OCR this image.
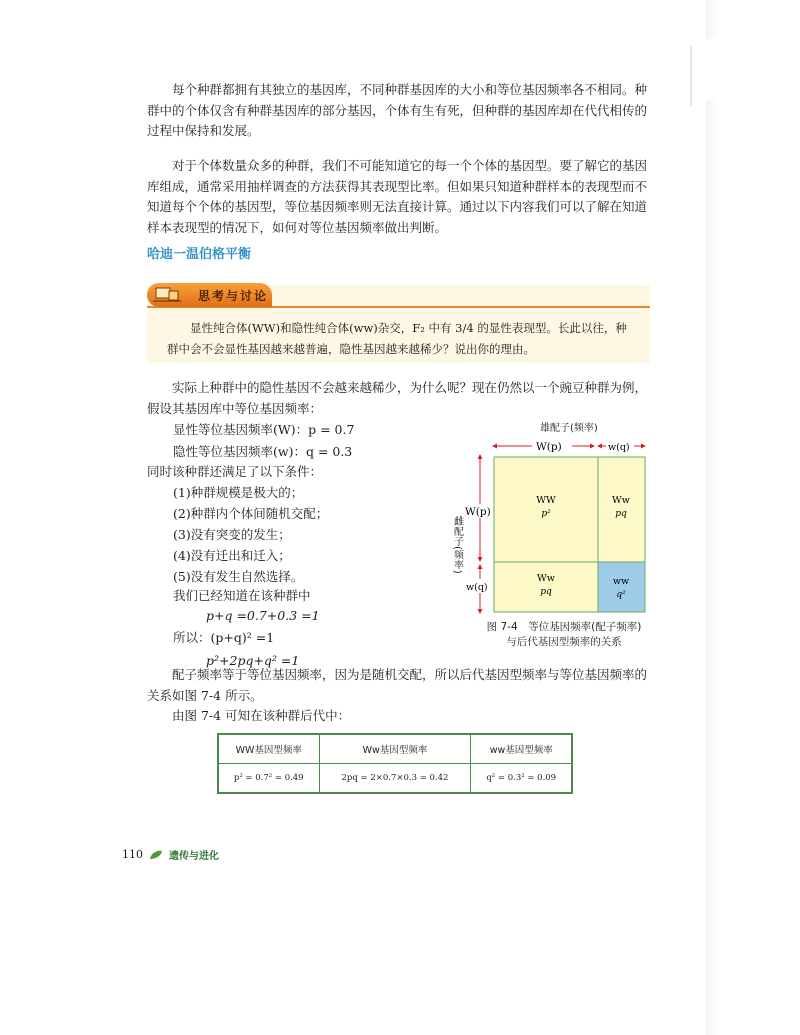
每个种群都拥有其独立的基因库，不同种群基因库的大小和等位基因频率各不相同。种群中的个体仅含有种群基因库的部分基因，个体有生有死，但种群的基因库却在代代相传的过程中保持和发展。

对于个体数量众多的种群，我们不可能知道它的每一个个体的基因型。要了解它的基因库组成，通常采用抽样调查的方法获得其表现型比率。但如果只知道种群样本的表现型而不知道每个个体的基因型，等位基因频率则无法直接计算。通过以下内容我们可以了解在知道样本表现型的情况下，如何对等位基因频率做出判断。

哈迪一温伯格平衡
思考与讨论

显性纯合体(WW)和隐性纯合体(ww)杂交，F₂ 中有 3/4 的显性表现型。长此以往，种群中会不会显性基因越来越普遍，隐性基因越来越稀少？说出你的理由。

实际上种群中的隐性基因不会越来越稀少，为什么呢？现在仍然以一个豌豆种群为例，假设其基因库中等位基因频率：

显性等位基因频率(W)：p = 0.7
隐性等位基因频率(w)：q = 0.3
同时该种群还满足了以下条件：
(1)种群规模是极大的；
(2)种群内个体间随机交配；
(3)没有突变的发生；
(4)没有迁出和迁入；
(5)没有发生自然选择。
我们已经知道在该种群中
p+q =0.7+0.3 =1
所以：(p+q)² =1
p²+2pq+q² =1
雄配子(频率)
W(p)	w(q)
雌配子(频率)
W(p)
w(q)
WW
p²
Ww
pq
Ww
pq
ww
q²
图 7-4　等位基因频率(配子频率)
与后代基因型频率的关系

配子频率等于等位基因频率，因为是随机交配，所以后代基因型频率与等位基因频率的关系如图 7-4 所示。

由图 7-4 可知在该种群后代中：

WW基因型频率	Ww基因型频率	ww基因型频率
p² = 0.7² = 0.49	2pq = 2×0.7×0.3 = 0.42	q² = 0.3² = 0.09
110	遗传与进化
